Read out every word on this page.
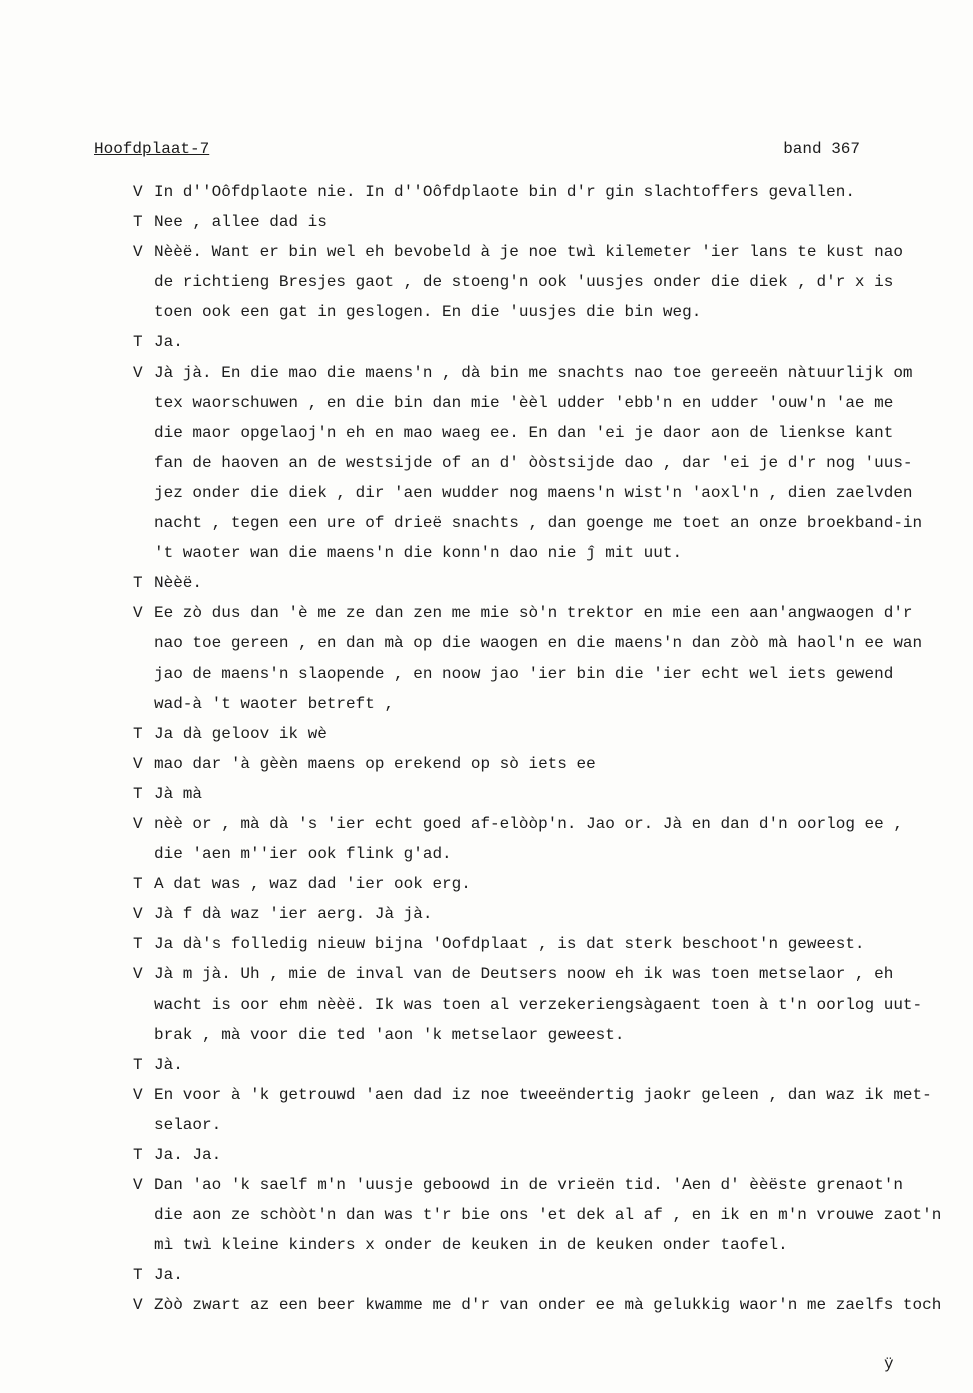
Hoofdplaat-7	band 367
V In d''Oôfdplaote nie. In d''Oôfdplaote bin d'r gin slachtoffers gevallen.
T Nee , allee dad is
V Nèèë. Want er bin wel eh bevobeld à je noe twì kilemeter 'ier lans te kust nao
de richtieng Bresjes gaot , de stoeng'n ook 'uusjes onder die diek , d'r x is
toen ook een gat in geslogen. En die 'uusjes die bin weg.
T Ja.
V Jà jà. En die mao die maens'n , dà bin me snachts nao toe gereeën nàtuurlijk om
tex waorschuwen , en die bin dan mie 'èèl udder 'ebb'n en udder 'ouw'n 'ae me
die maor opgelaoj'n eh en mao waeg ee. En dan 'ei je daor aon de lienkse kant
fan de haoven an de westsijde of an d' òòstsijde dao , dar 'ei je d'r nog 'uus-
jez onder die diek , dir 'aen wudder nog maens'n wist'n 'aoxl'n , dien zaelvden
nacht , tegen een ure of drieë snachts , dan goenge me toet an onze broekband-in
't waoter wan die maens'n die konn'n dao nie ĵ mit uut.
T Nèèë.
V Ee zò dus dan 'è me ze dan zen me mie sò'n trektor en mie een aan'angwaogen d'r
nao toe gereen , en dan mà op die waogen en die maens'n dan zòò mà haol'n ee wan
jao de maens'n slaopende , en noow jao 'ier bin die 'ier echt wel iets gewend
wad-à 't waoter betreft ,
T Ja dà geloov ik wè
V mao dar 'à gèèn maens op erekend op sò iets ee
T Jà mà
V nèè or , mà dà 's 'ier echt goed af-elòòp'n. Jao or. Jà en dan d'n oorlog ee ,
die 'aen m''ier ook flink g'ad.
T A dat was , waz dad 'ier ook erg.
V Jà f dà waz 'ier aerg. Jà jà.
T Ja dà's folledig nieuw bijna 'Oofdplaat , is dat sterk beschoot'n geweest.
V Jà m jà. Uh , mie de inval van de Deutsers noow eh ik was toen metselaor , eh
wacht is oor ehm nèèë. Ik was toen al verzekeriengsàgaent toen à t'n oorlog uut-
brak , mà voor die ted 'aon 'k metselaor geweest.
T Jà.
V En voor à 'k getrouwd 'aen dad iz noe tweeëndertig jaokr geleen , dan waz ik met-
selaor.
T Ja. Ja.
V Dan 'ao 'k saelf m'n 'uusje geboowd in de vrieën tid. 'Aen d' èèëste grenaot'n
die aon ze schòòt'n dan was t'r bie ons 'et dek al af , en ik en m'n vrouwe zaot'n
mì twì kleine kinders x onder de keuken in de keuken onder taofel.
T Ja.
V Zòò zwart az een beer kwamme me d'r van onder ee mà gelukkig waor'n me zaelfs toch
ÿ
